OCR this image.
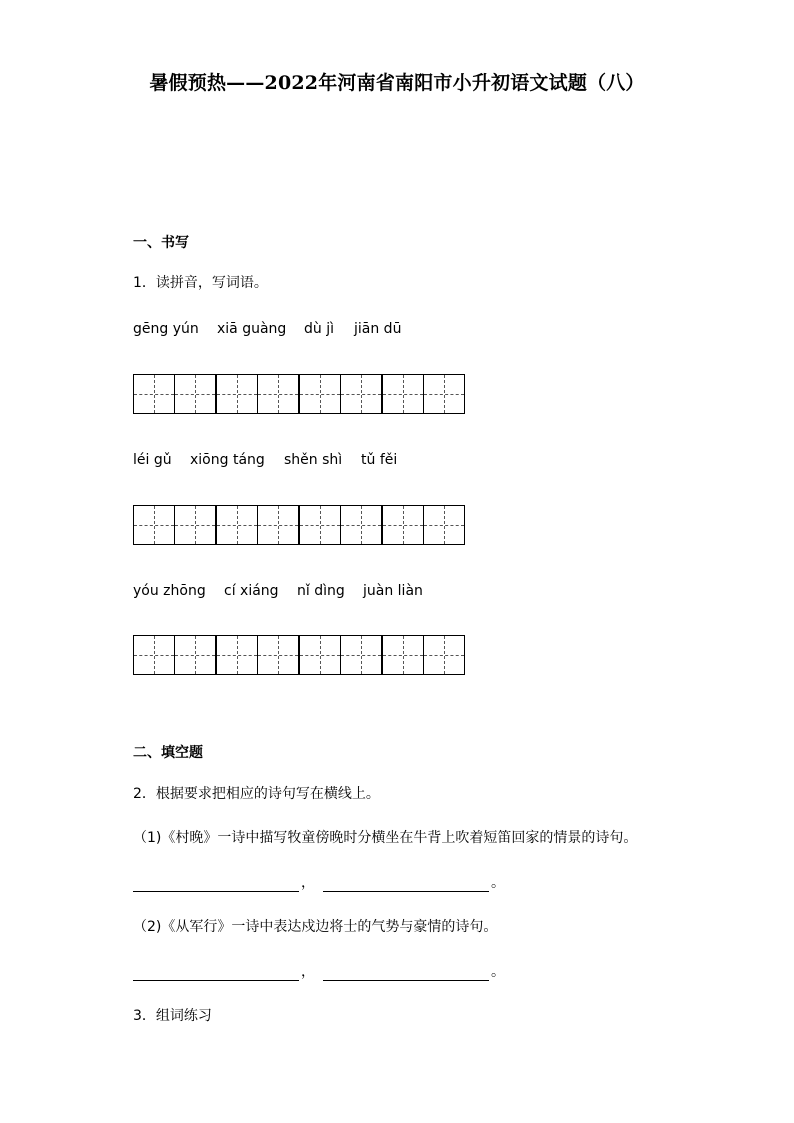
暑假预热——2022年河南省南阳市小升初语文试题（八）
一、书写
1．读拼音，写词语。
gēng yún xiā guàng dù jì jiān dū
léi gǔ xiōng táng shěn shì tǔ fěi
yóu zhōng cí xiáng nǐ dìng juàn liàn
二、填空题
2．根据要求把相应的诗句写在横线上。
（1)《村晚》一诗中描写牧童傍晚时分横坐在牛背上吹着短笛回家的情景的诗句。
，	。
（2)《从军行》一诗中表达戍边将士的气势与豪情的诗句。
，	。
3．组词练习
